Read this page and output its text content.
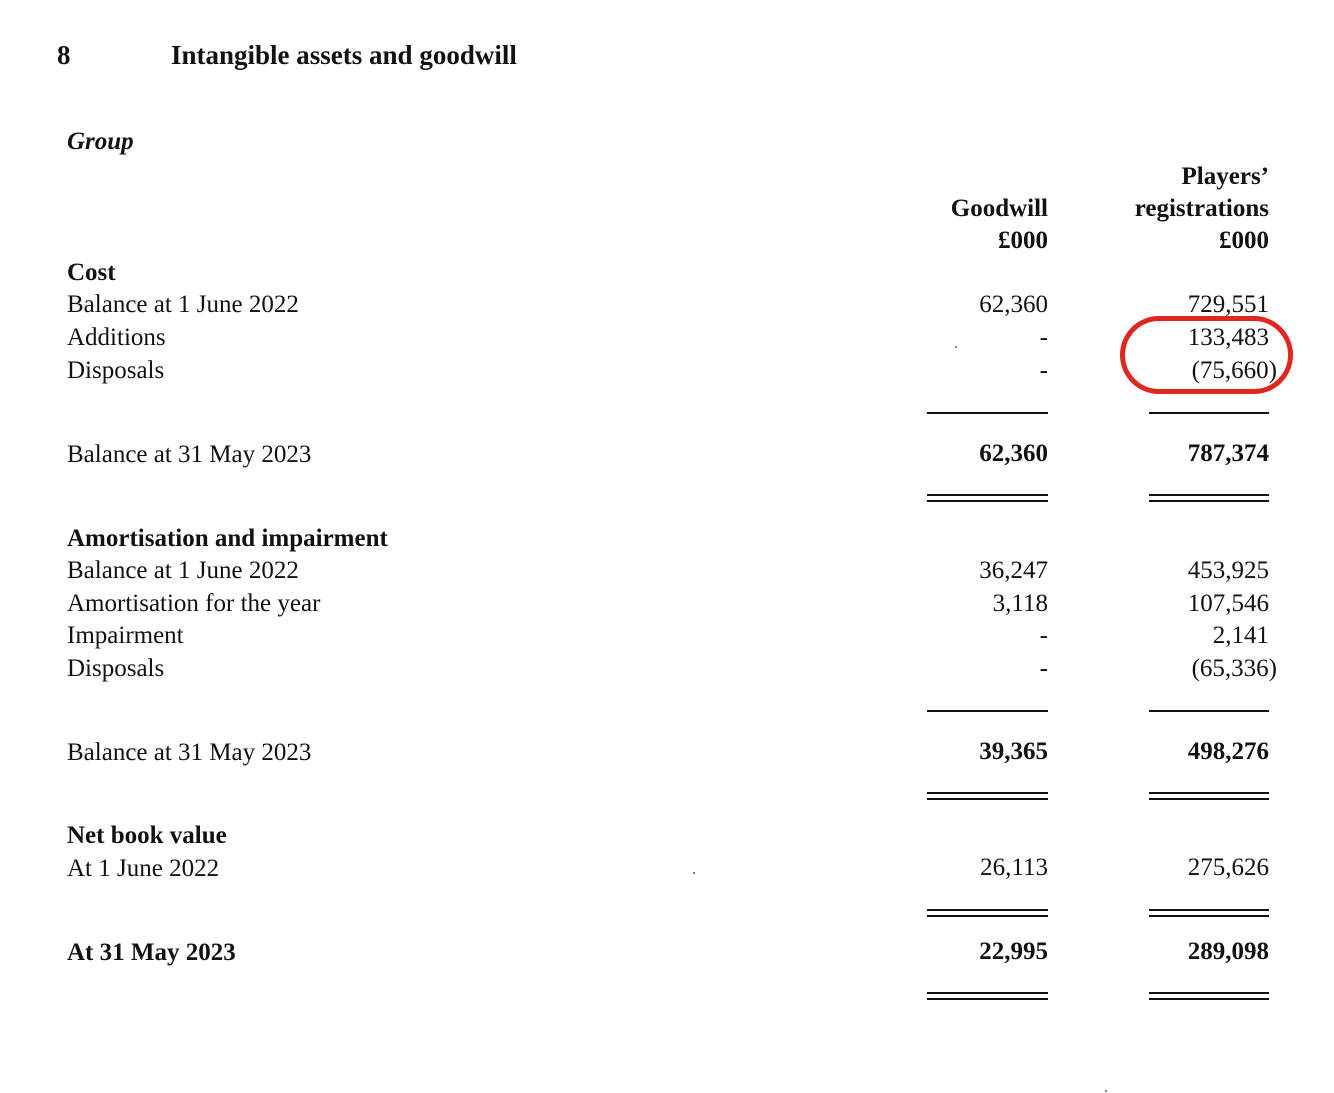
8	Intangible assets and goodwill
Group
Goodwill
£000
Players’
registrations
£000
Cost
Balance at 1 June 2022	62,360	729,551
Additions	-	133,483
Disposals	-	(75,660)
Balance at 31 May 2023	62,360	787,374
Amortisation and impairment
Balance at 1 June 2022	36,247	453,925
Amortisation for the year	3,118	107,546
Impairment	-	2,141
Disposals	-	(65,336)
Balance at 31 May 2023	39,365	498,276
Net book value
At 1 June 2022	26,113	275,626
At 31 May 2023	22,995	289,098
